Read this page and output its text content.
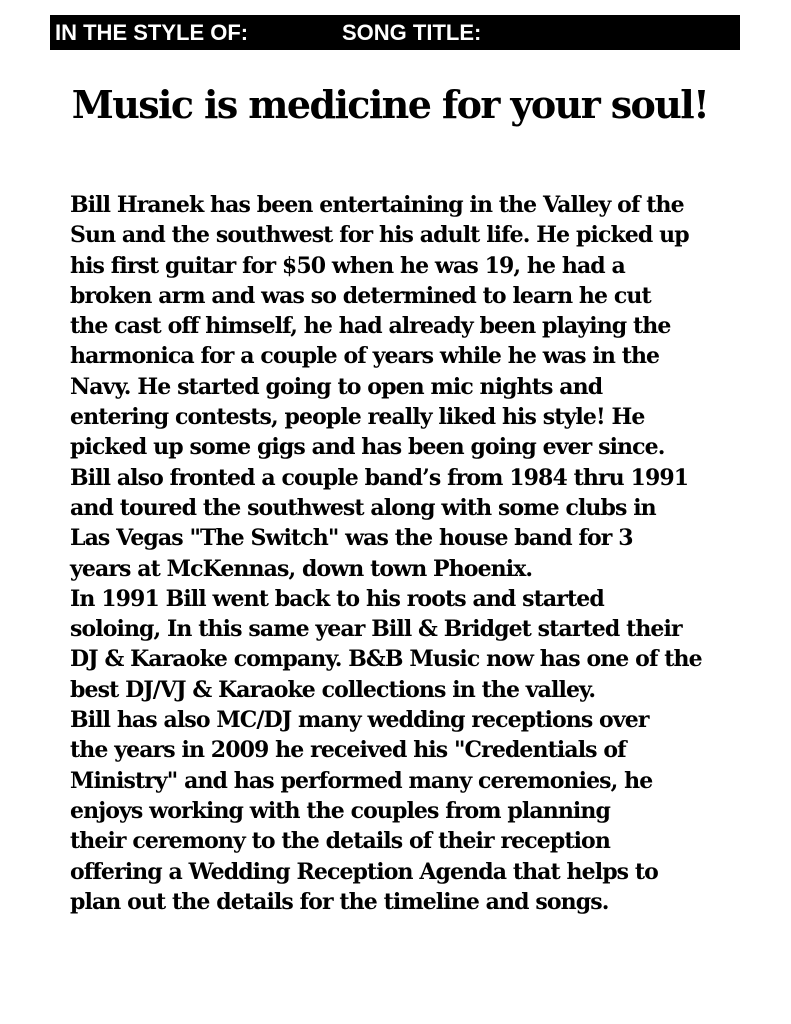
IN THE STYLE OF:	SONG TITLE:
Music is medicine for your soul!
Bill Hranek has been entertaining in the Valley of the
Sun and the southwest for his adult life. He picked up
his first guitar for $50 when he was 19, he had a
broken arm and was so determined to learn he cut
the cast off himself, he had already been playing the
harmonica for a couple of years while he was in the
Navy. He started going to open mic nights and
entering contests, people really liked his style! He
picked up some gigs and has been going ever since.
Bill also fronted a couple band’s from 1984 thru 1991
and toured the southwest along with some clubs in
Las Vegas "The Switch" was the house band for 3
years at McKennas, down town Phoenix.
In 1991 Bill went back to his roots and started
soloing, In this same year Bill & Bridget started their
DJ & Karaoke company. B&B Music now has one of the
best DJ/VJ & Karaoke collections in the valley.
Bill has also MC/DJ many wedding receptions over
the years in 2009 he received his "Credentials of
Ministry" and has performed many ceremonies, he
enjoys working with the couples from planning
their ceremony to the details of their reception
offering a Wedding Reception Agenda that helps to
plan out the details for the timeline and songs.
